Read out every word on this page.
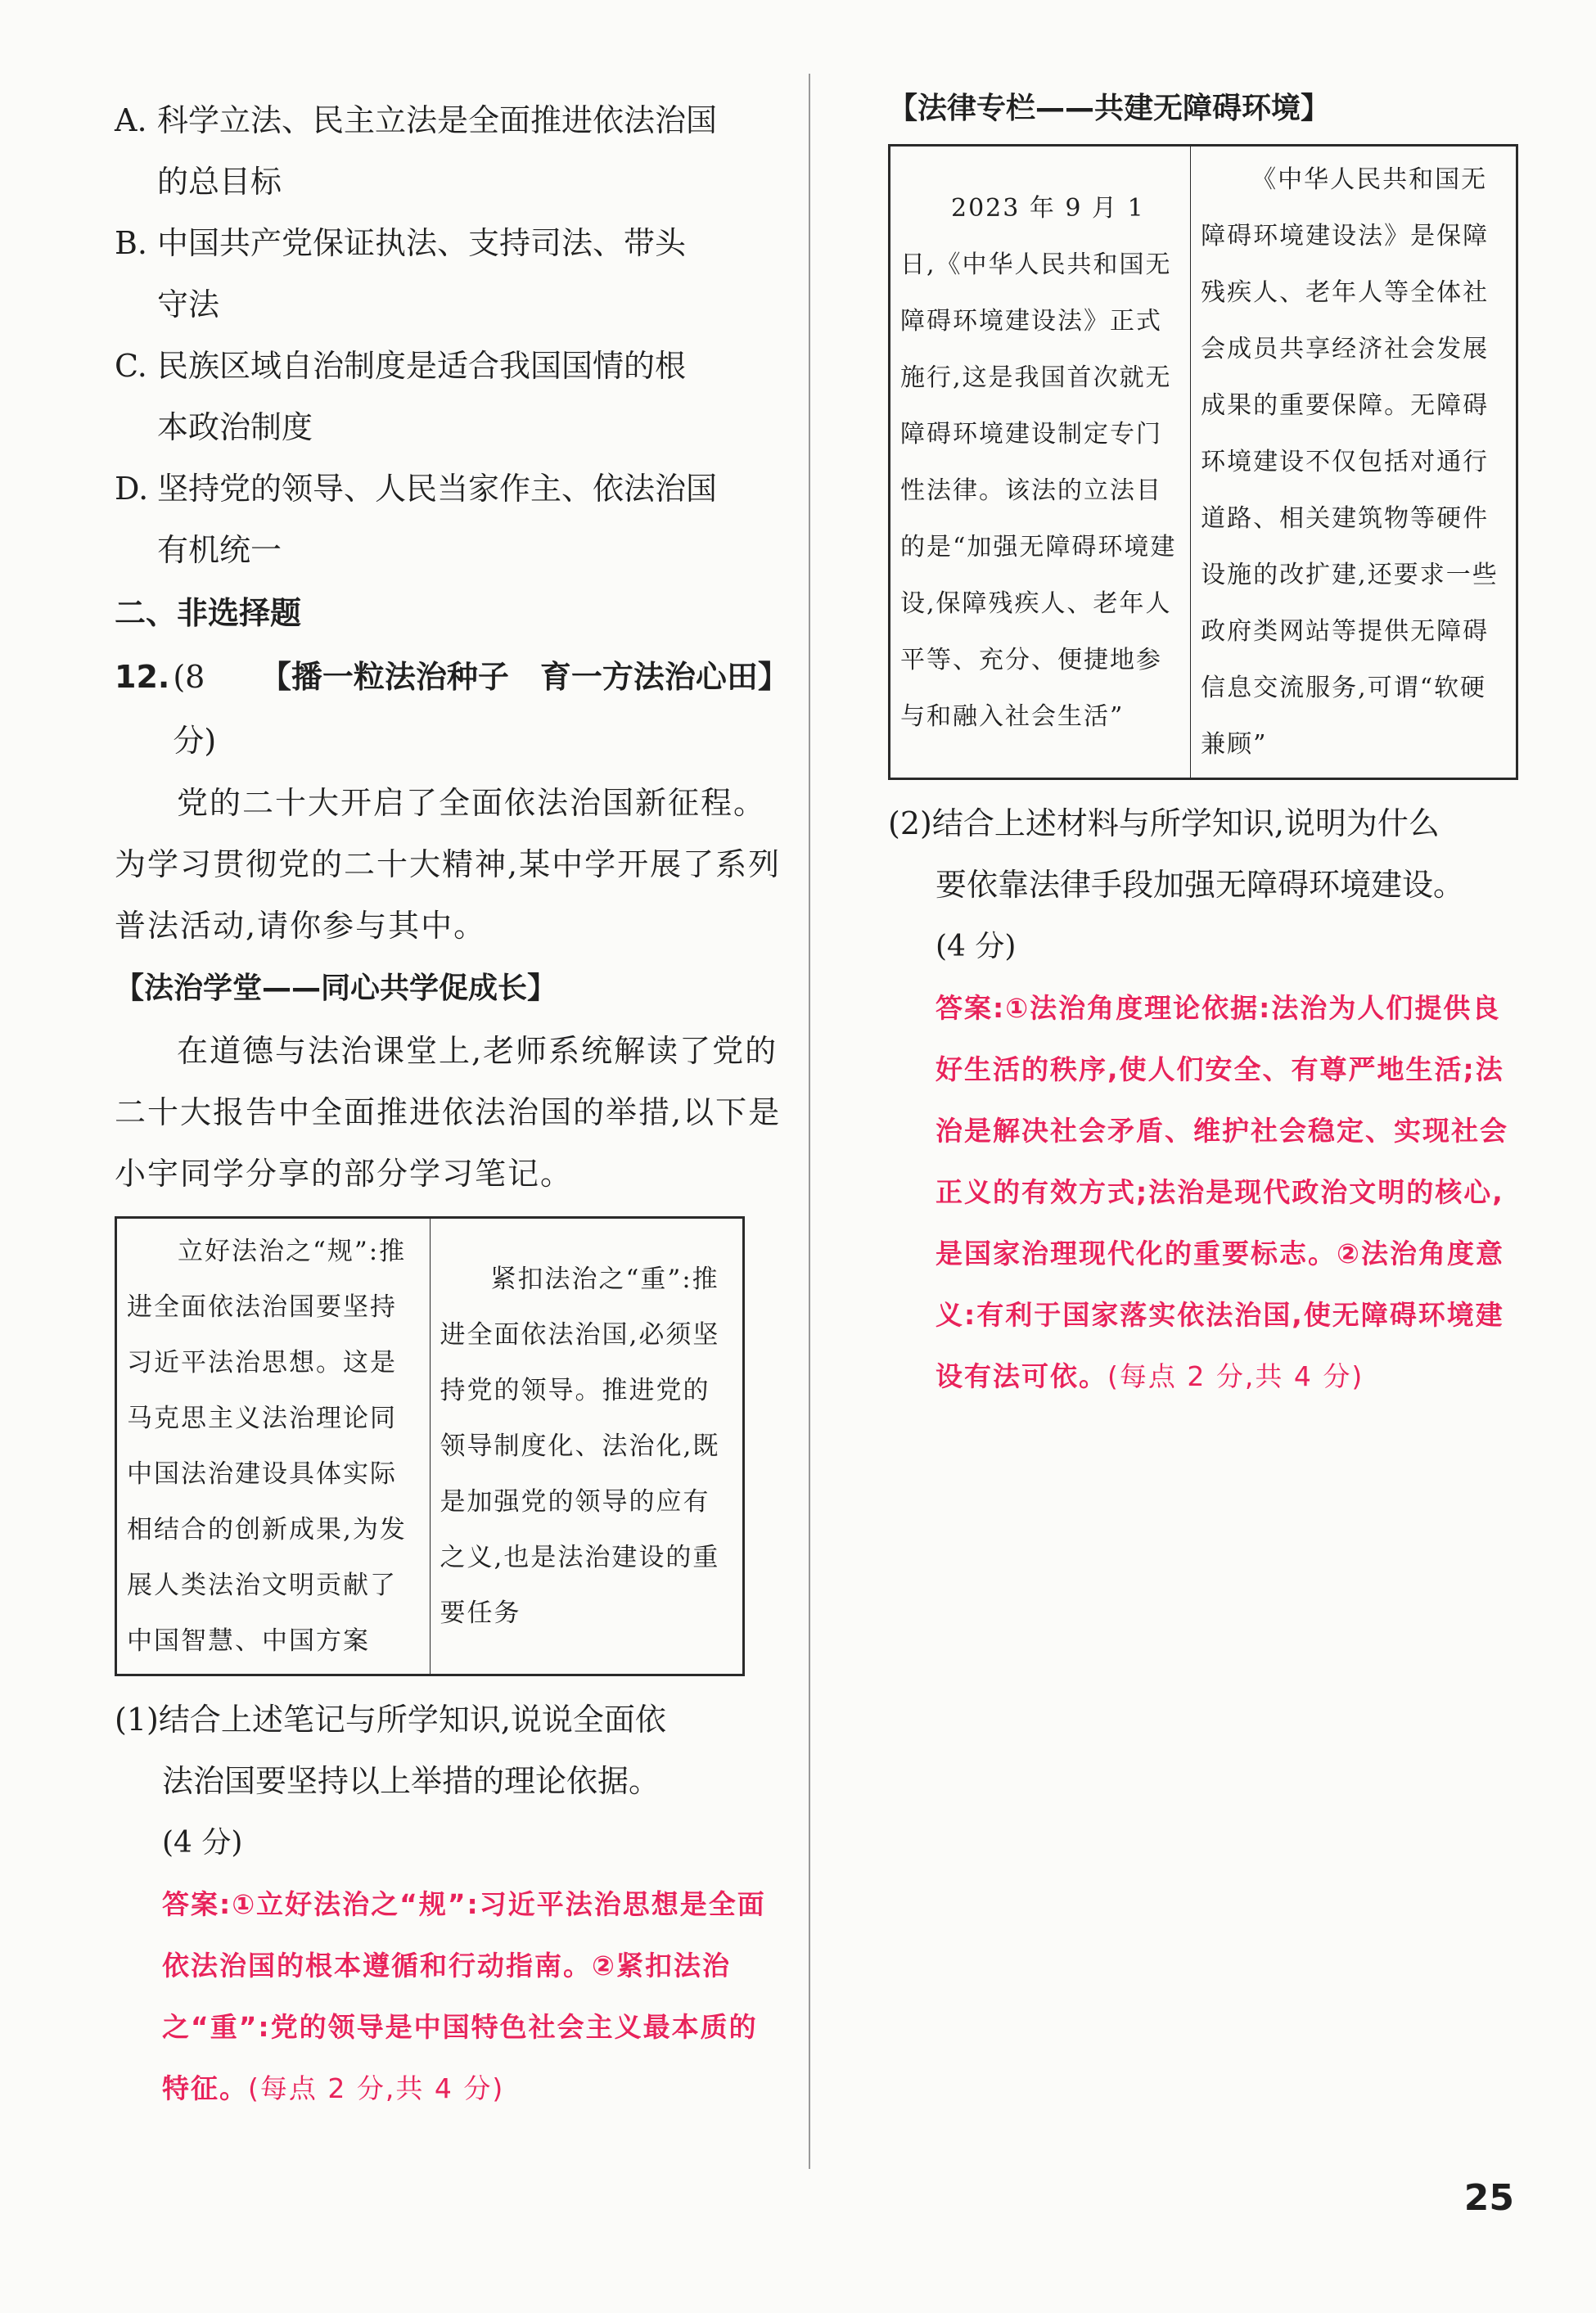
A. 科学立法、民主立法是全面推进依法治国
的总目标
B. 中国共产党保证执法、支持司法、带头
守法
C. 民族区域自治制度是适合我国国情的根
本政治制度
D. 坚持党的领导、人民当家作主、依法治国
有机统一
二、非选择题
12. (8 分)
【播一粒法治种子　育一方法治心田】
党的二十大开启了全面依法治国新征程。为学习贯彻党的二十大精神,某中学开展了系列普法活动,请你参与其中。
【法治学堂——同心共学促成长】
在道德与法治课堂上,老师系统解读了党的二十大报告中全面推进依法治国的举措,以下是小宇同学分享的部分学习笔记。
立好法治之“规”:推进全面依法治国要坚持习近平法治思想。这是马克思主义法治理论同中国法治建设具体实际相结合的创新成果,为发展人类法治文明贡献了中国智慧、中国方案	紧扣法治之“重”:推进全面依法治国,必须坚持党的领导。推进党的领导制度化、法治化,既是加强党的领导的应有之义,也是法治建设的重要任务
(1)结合上述笔记与所学知识,说说全面依
法治国要坚持以上举措的理论依据。
(4 分)
答案:①立好法治之“规”:习近平法治思想是全面依法治国的根本遵循和行动指南。②紧扣法治之“重”:党的领导是中国特色社会主义最本质的特征。(每点 2 分,共 4 分)
【法律专栏——共建无障碍环境】
2023 年 9 月 1 日,《中华人民共和国无障碍环境建设法》正式施行,这是我国首次就无障碍环境建设制定专门性法律。该法的立法目的是“加强无障碍环境建设,保障残疾人、老年人平等、充分、便捷地参与和融入社会生活”	《中华人民共和国无障碍环境建设法》是保障残疾人、老年人等全体社会成员共享经济社会发展成果的重要保障。无障碍环境建设不仅包括对通行道路、相关建筑物等硬件设施的改扩建,还要求一些政府类网站等提供无障碍信息交流服务,可谓“软硬兼顾”
(2)结合上述材料与所学知识,说明为什么
要依靠法律手段加强无障碍环境建设。
(4 分)
答案:①法治角度理论依据:法治为人们提供良好生活的秩序,使人们安全、有尊严地生活;法治是解决社会矛盾、维护社会稳定、实现社会正义的有效方式;法治是现代政治文明的核心,是国家治理现代化的重要标志。②法治角度意义:有利于国家落实依法治国,使无障碍环境建设有法可依。(每点 2 分,共 4 分)
25
